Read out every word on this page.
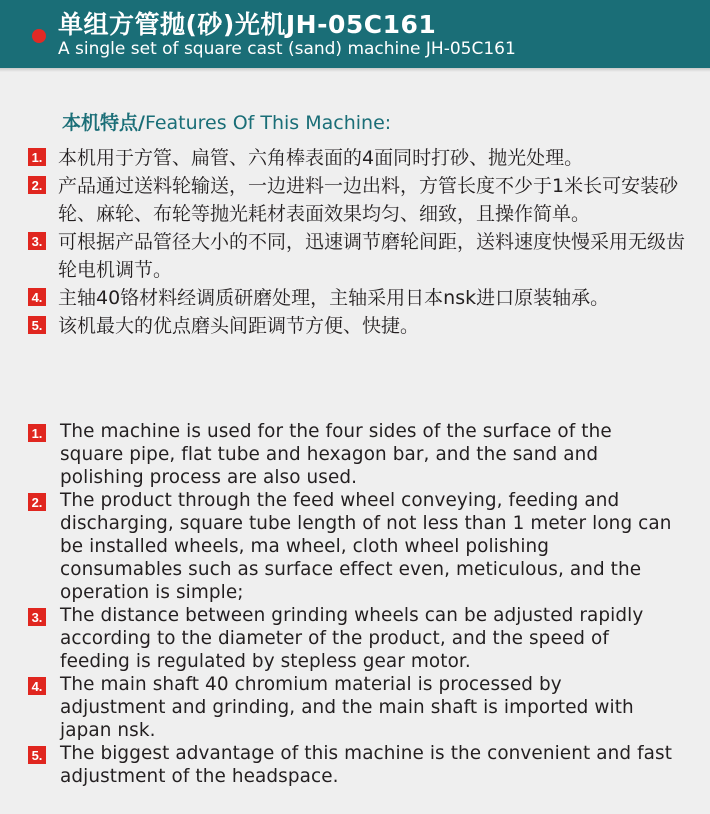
单组方管抛(砂)光机JH-05C161
A single set of square cast (sand) machine JH-05C161
本机特点/Features Of This Machine:
1. 本机用于方管、扁管、六角棒表面的4面同时打砂、抛光处理。
2. 产品通过送料轮输送，一边进料一边出料，方管长度不少于1米长可安装砂轮、麻轮、布轮等抛光耗材表面效果均匀、细致，且操作简单。
3. 可根据产品管径大小的不同，迅速调节磨轮间距，送料速度快慢采用无级齿轮电机调节。
4. 主轴40铬材料经调质研磨处理，主轴采用日本nsk进口原装轴承。
5. 该机最大的优点磨头间距调节方便、快捷。
1. The machine is used for the four sides of the surface of the square pipe, flat tube and hexagon bar, and the sand and polishing process are also used.
2. The product through the feed wheel conveying, feeding and discharging, square tube length of not less than 1 meter long can be installed wheels, ma wheel, cloth wheel polishing consumables such as surface effect even, meticulous, and the operation is simple;
3. The distance between grinding wheels can be adjusted rapidly according to the diameter of the product, and the speed of feeding is regulated by stepless gear motor.
4. The main shaft 40 chromium material is processed by adjustment and grinding, and the main shaft is imported with japan nsk.
5. The biggest advantage of this machine is the convenient and fast adjustment of the headspace.
